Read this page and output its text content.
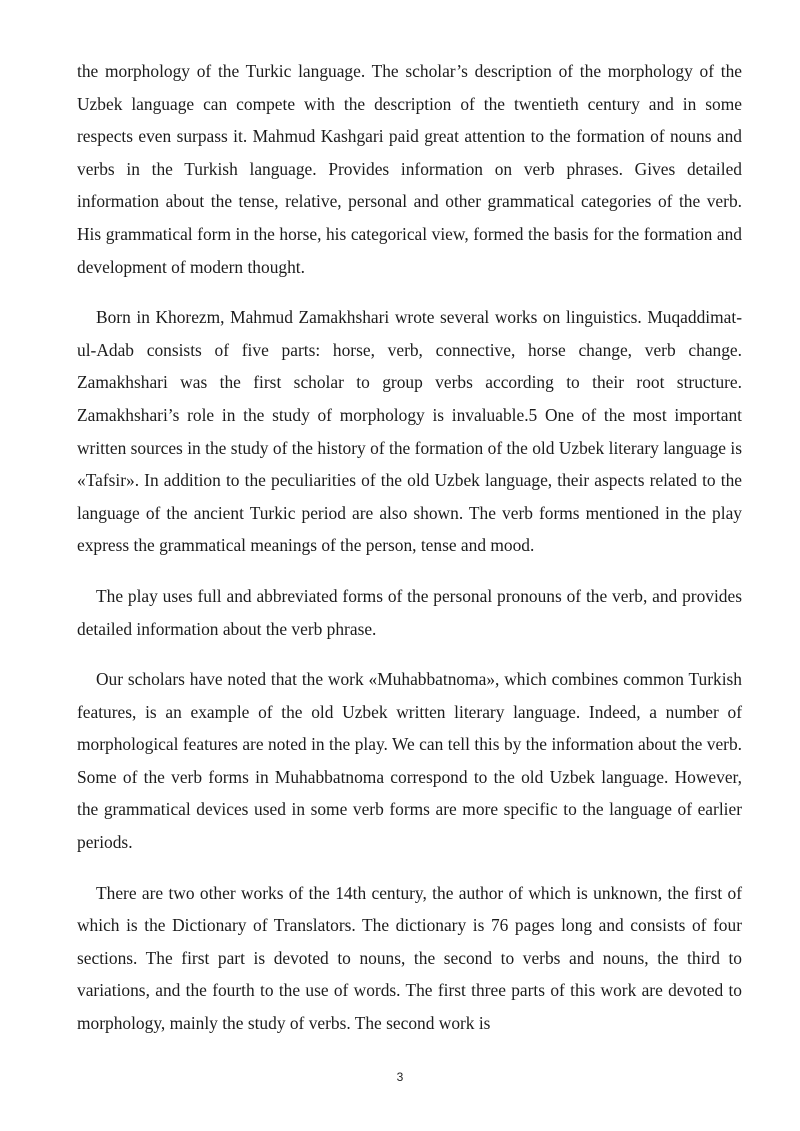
the morphology of the Turkic language. The scholar’s description of the morphology of the Uzbek language can compete with the description of the twentieth century and in some respects even surpass it. Mahmud Kashgari paid great attention to the formation of nouns and verbs in the Turkish language. Provides information on verb phrases. Gives detailed information about the tense, relative, personal and other grammatical categories of the verb. His grammatical form in the horse, his categorical view, formed the basis for the formation and development of modern thought.

Born in Khorezm, Mahmud Zamakhshari wrote several works on linguistics. Muqaddimat-ul-Adab consists of five parts: horse, verb, connective, horse change, verb change. Zamakhshari was the first scholar to group verbs according to their root structure. Zamakhshari’s role in the study of morphology is invaluable.5 One of the most important written sources in the study of the history of the formation of the old Uzbek literary language is «Tafsir». In addition to the peculiarities of the old Uzbek language, their aspects related to the language of the ancient Turkic period are also shown. The verb forms mentioned in the play express the grammatical meanings of the person, tense and mood.

The play uses full and abbreviated forms of the personal pronouns of the verb, and provides detailed information about the verb phrase.

Our scholars have noted that the work «Muhabbatnoma», which combines common Turkish features, is an example of the old Uzbek written literary language. Indeed, a number of morphological features are noted in the play. We can tell this by the information about the verb. Some of the verb forms in Muhabbatnoma correspond to the old Uzbek language. However, the grammatical devices used in some verb forms are more specific to the language of earlier periods.

There are two other works of the 14th century, the author of which is unknown, the first of which is the Dictionary of Translators. The dictionary is 76 pages long and consists of four sections. The first part is devoted to nouns, the second to verbs and nouns, the third to variations, and the fourth to the use of words. The first three parts of this work are devoted to morphology, mainly the study of verbs. The second work is

3
